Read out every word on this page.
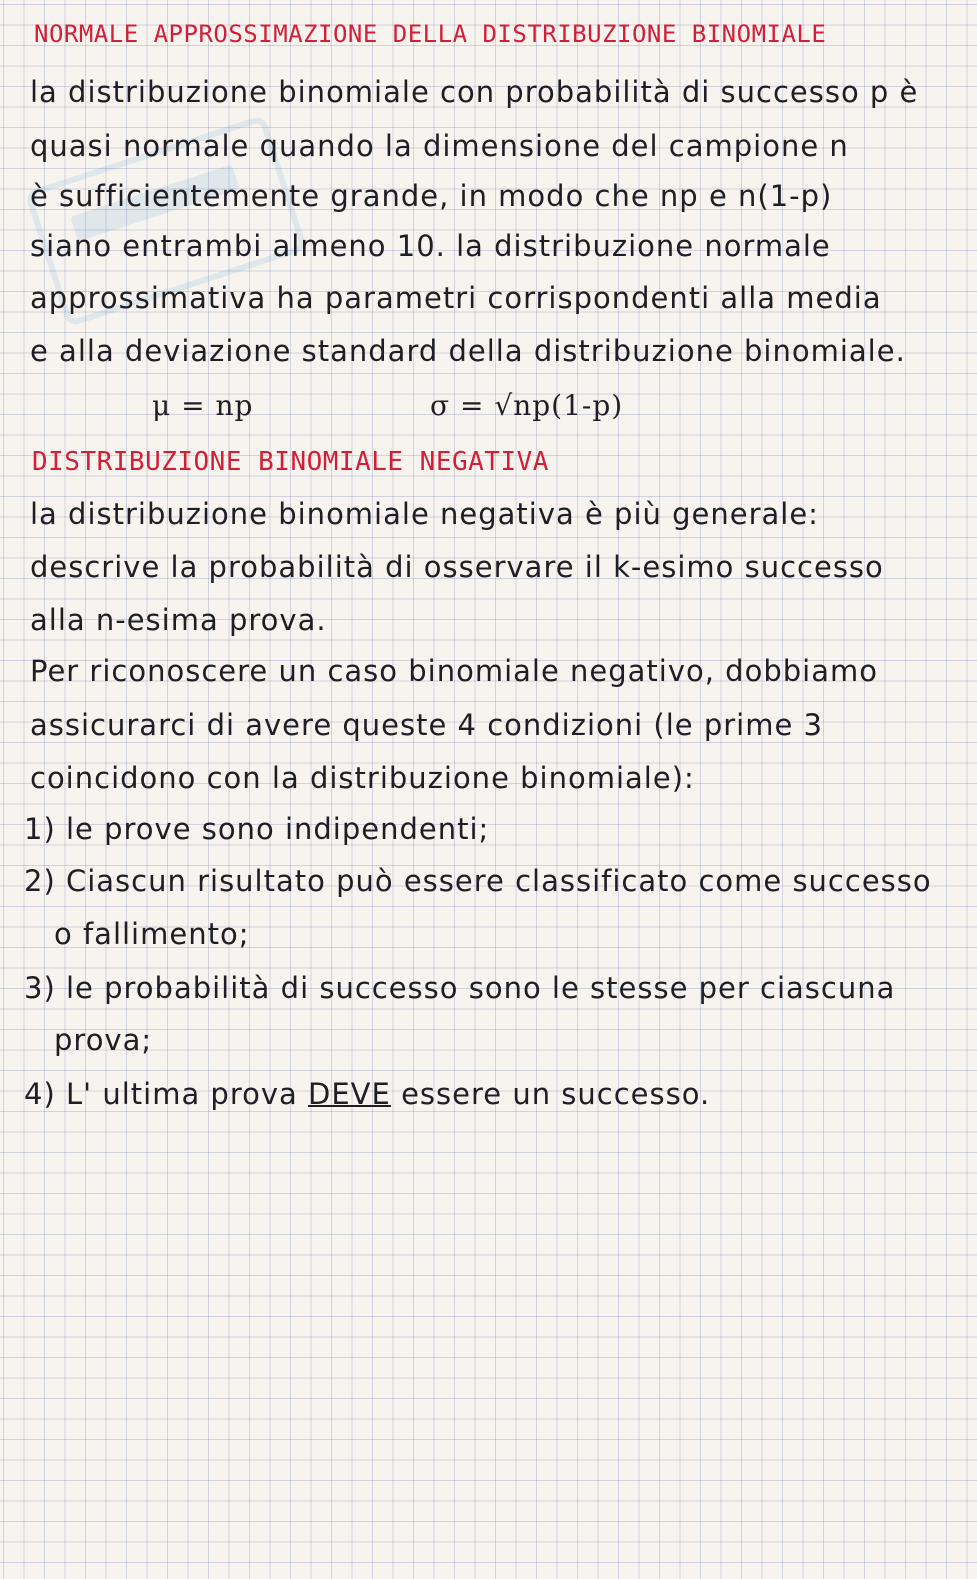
NORMALE APPROSSIMAZIONE DELLA DISTRIBUZIONE BINOMIALE
la distribuzione binomiale con probabilità di successo p è
quasi normale quando la dimensione del campione n
è sufficientemente grande, in modo che np e n(1-p)
siano entrambi almeno 10. la distribuzione normale
approssimativa ha parametri corrispondenti alla media
e alla deviazione standard della distribuzione binomiale.
μ = np	σ = √np(1-p)
DISTRIBUZIONE BINOMIALE NEGATIVA
la distribuzione binomiale negativa è più generale:
descrive la probabilità di osservare il k-esimo successo
alla n-esima prova.
Per riconoscere un caso binomiale negativo, dobbiamo
assicurarci di avere queste 4 condizioni (le prime 3
coincidono con la distribuzione binomiale):
1) le prove sono indipendenti;
2) Ciascun risultato può essere classificato come successo
o fallimento;
3) le probabilità di successo sono le stesse per ciascuna
prova;
4) L' ultima prova DEVE essere un successo.
